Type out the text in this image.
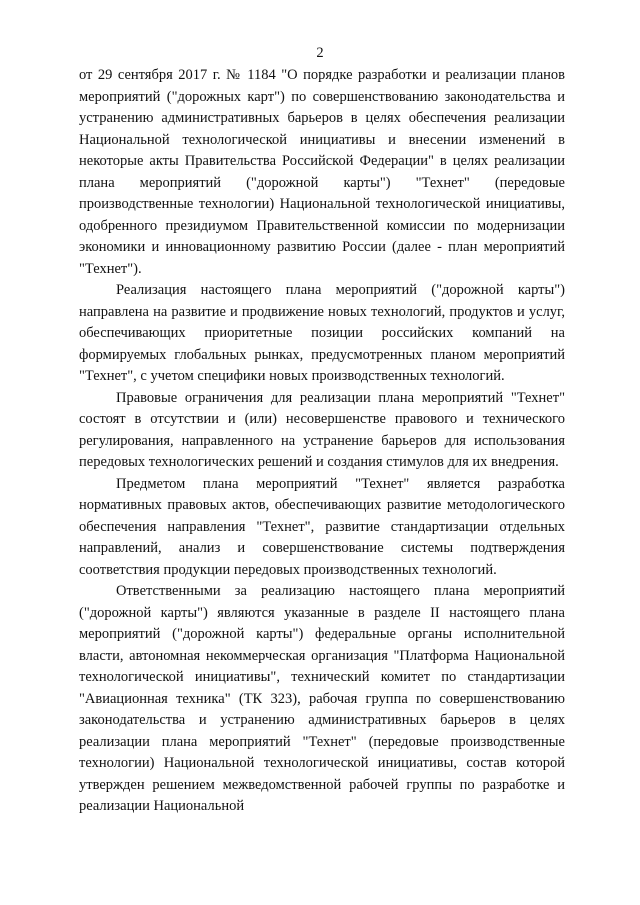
2

от 29 сентября 2017 г. № 1184 "О порядке разработки и реализации планов мероприятий ("дорожных карт") по совершенствованию законодательства и устранению административных барьеров в целях обеспечения реализации Национальной технологической инициативы и внесении изменений в некоторые акты Правительства Российской Федерации" в целях реализации плана мероприятий ("дорожной карты") "Технет" (передовые производственные технологии) Национальной технологической инициативы, одобренного президиумом Правительственной комиссии по модернизации экономики и инновационному развитию России (далее - план мероприятий "Технет").

Реализация настоящего плана мероприятий ("дорожной карты") направлена на развитие и продвижение новых технологий, продуктов и услуг, обеспечивающих приоритетные позиции российских компаний на формируемых глобальных рынках, предусмотренных планом мероприятий "Технет", с учетом специфики новых производственных технологий.

Правовые ограничения для реализации плана мероприятий "Технет" состоят в отсутствии и (или) несовершенстве правового и технического регулирования, направленного на устранение барьеров для использования передовых технологических решений и создания стимулов для их внедрения.

Предметом плана мероприятий "Технет" является разработка нормативных правовых актов, обеспечивающих развитие методологического обеспечения направления "Технет", развитие стандартизации отдельных направлений, анализ и совершенствование системы подтверждения соответствия продукции передовых производственных технологий.

Ответственными за реализацию настоящего плана мероприятий ("дорожной карты") являются указанные в разделе II настоящего плана мероприятий ("дорожной карты") федеральные органы исполнительной власти, автономная некоммерческая организация "Платформа Национальной технологической инициативы", технический комитет по стандартизации "Авиационная техника" (ТК 323), рабочая группа по совершенствованию законодательства и устранению административных барьеров в целях реализации плана мероприятий "Технет" (передовые производственные технологии) Национальной технологической инициативы, состав которой утвержден решением межведомственной рабочей группы по разработке и реализации Национальной
